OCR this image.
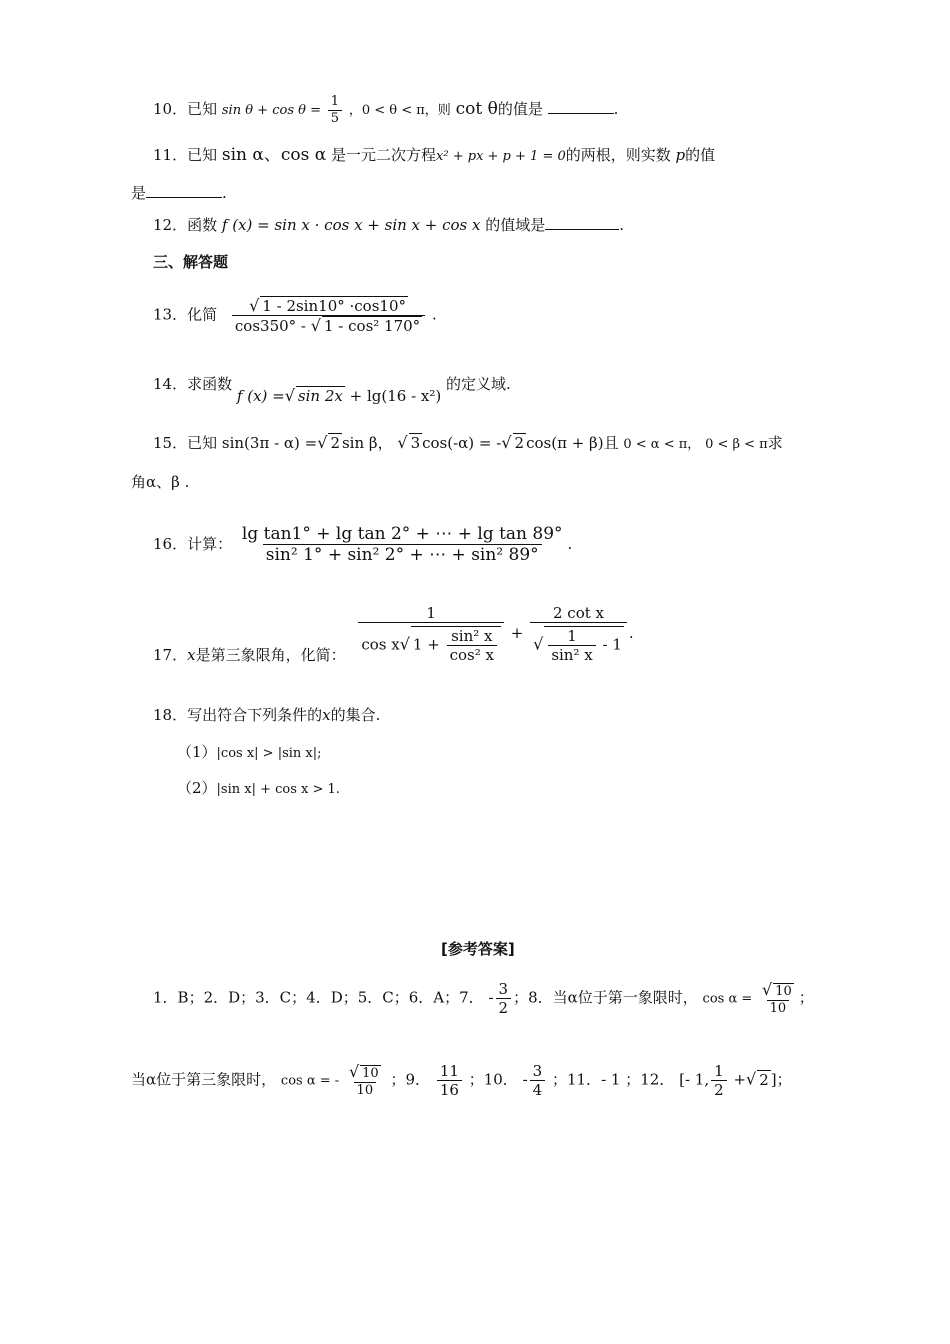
10．已知 $\sin \theta + \cos \theta = \frac{1}{5}$ ，0 < θ < π，则 cot θ的值是	.
11．已知 sin α、cos α 是一元二次方程x² + px + p + 1 = 0的两根，则实数 p的值
是	.
12．函数 f (x) = sin x · cos x + sin x + cos x 的值域是	.
三、解答题
13．化简 $\frac{√ 1 - 2\sin 10^\circ \cdot\cos 10^\circ}{\text{cos350° - √ 1 - cos² 170°}}$ .
14．求函数 f (x) =√ sin 2x + lg(16 - x²) 的定义域.
15．已知 sin(3π - α) =√ 2 sin β， √ 3 cos(-α) = -√ 2 cos(π + β)且 0 < α < π， 0 < β < π求
角α、β .
16．计算： $\frac{\text{lg tan1° + lg tan 2° + ⋯ + lg tan 89°}}{\text{sin² 1° + sin² 2° + ⋯ + sin² 89°}}$ .
17．x是第三象限角，化简： $\frac{1}{\cos x√ 1 + \frac{\text{sin² x}}{\text{cos² x}}} + \frac{\text{2 cot x}}{√ \frac{1}{\text{sin² x}} - 1}$ .
18．写出符合下列条件的x的集合.
（1）|cos x| > |sin x|;
（2）|sin x| + cos x > 1.
[参考答案]
1．B；2．D；3．C；4．D；5．C；6．A；7． - $\frac{3}{2}$ ；8．当α位于第一象限时， $\cos \alpha = \frac{√ 10}{10}$ ；
当α位于第三象限时， cos α = - $\frac{√ 10}{10}$ ；9． $\frac{11}{16}$ ；10． - $\frac{3}{4}$ ；11．- 1 ；12． [- 1, $\frac{1}{2}$ +√ 2 ]；
